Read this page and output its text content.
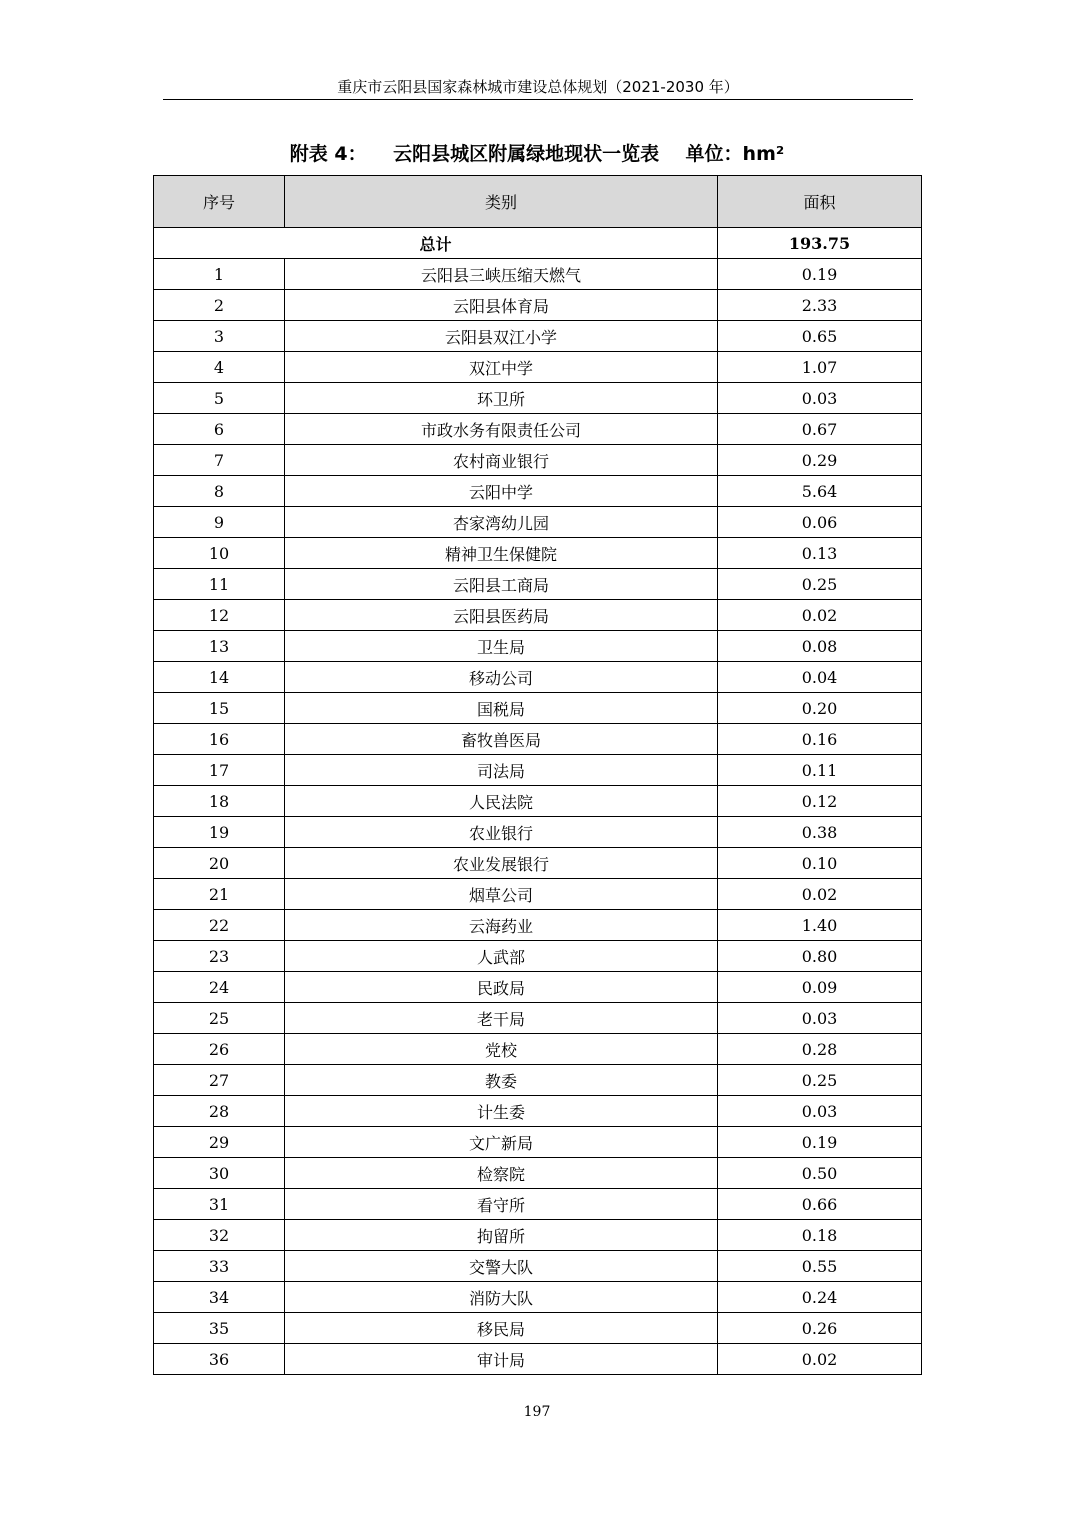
重庆市云阳县国家森林城市建设总体规划（2021-2030 年）
附表 4：    云阳县城区附属绿地现状一览表    单位：hm²
序号	类别	面积
总计		193.75
1	云阳县三峡压缩天燃气	0.19
2	云阳县体育局	2.33
3	云阳县双江小学	0.65
4	双江中学	1.07
5	环卫所	0.03
6	市政水务有限责任公司	0.67
7	农村商业银行	0.29
8	云阳中学	5.64
9	杏家湾幼儿园	0.06
10	精神卫生保健院	0.13
11	云阳县工商局	0.25
12	云阳县医药局	0.02
13	卫生局	0.08
14	移动公司	0.04
15	国税局	0.20
16	畜牧兽医局	0.16
17	司法局	0.11
18	人民法院	0.12
19	农业银行	0.38
20	农业发展银行	0.10
21	烟草公司	0.02
22	云海药业	1.40
23	人武部	0.80
24	民政局	0.09
25	老干局	0.03
26	党校	0.28
27	教委	0.25
28	计生委	0.03
29	文广新局	0.19
30	检察院	0.50
31	看守所	0.66
32	拘留所	0.18
33	交警大队	0.55
34	消防大队	0.24
35	移民局	0.26
36	审计局	0.02
197
